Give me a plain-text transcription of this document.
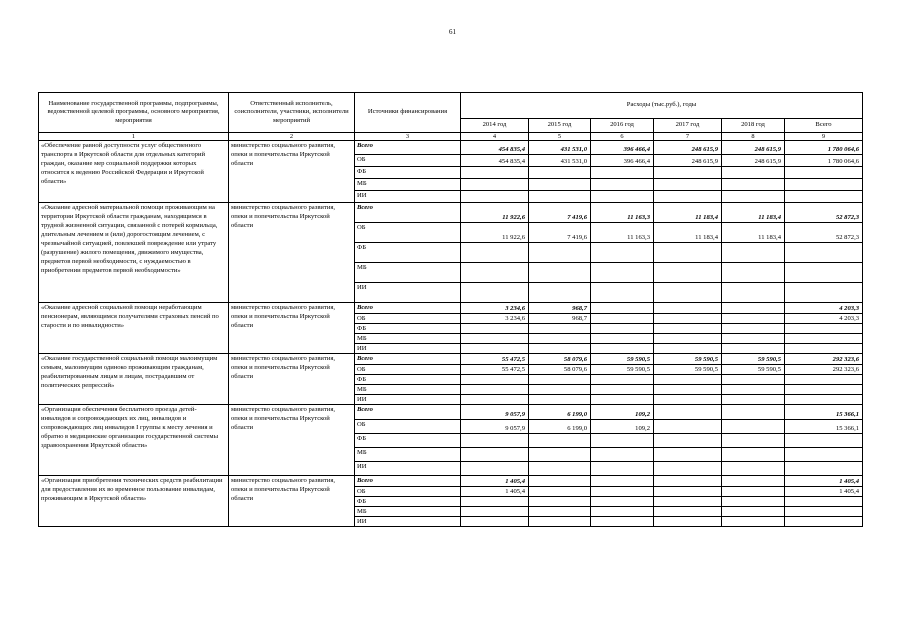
61
Наименование государственной программы, подпрограммы, ведомственной целевой программы, основного мероприятия, мероприятия	Ответственный исполнитель, соисполнители, участники, исполнители мероприятий	Источники финансирования	Расходы (тыс.руб.), годы					
			2014 год	2015 год	2016 год	2017 год	2018 год	Всего
1	2	3	4	5	6	7	8	9
«Обеспечение равной доступности услуг общественного транспорта в Иркутской области для отдельных категорий граждан, оказание мер социальной поддержки которых относится к ведению Российской Федерации и Иркутской области»	министерство социального развития, опеки и попечительства Иркутской области	Всего	454 835,4	431 531,0	396 466,4	248 615,9	248 615,9	1 780 064,6
		ОБ	454 835,4	431 531,0	396 466,4	248 615,9	248 615,9	1 780 064,6
		ФБ						
		МБ						
		ИИ						
«Оказание адресной материальной помощи проживающим на территории Иркутской области гражданам, находящимся в трудной жизненной ситуации, связанной с потерей кормильца, длительным лечением и (или) дорогостоящим лечением, с чрезвычайной ситуацией, повлекшей повреждение или утрату (разрушение) жилого помещения, движимого имущества, предметов первой необходимости, с нуждаемостью в приобретении предметов первой необходимости»	министерство социального развития, опеки и попечительства Иркутской области	Всего	11 922,6	7 419,6	11 163,3	11 183,4	11 183,4	52 872,3
		ОБ	11 922,6	7 419,6	11 163,3	11 183,4	11 183,4	52 872,3
		ФБ						
		МБ						
		ИИ						
«Оказание адресной социальной помощи неработающим пенсионерам, являющимся получателями страховых пенсий по старости и по инвалидности»	министерство социального развития, опеки и попечительства Иркутской области	Всего	3 234,6	968,7				4 203,3
		ОБ	3 234,6	968,7				4 203,3
		ФБ						
		МБ						
		ИИ						
«Оказание государственной социальной помощи малоимущим семьям, малоимущим одиноко проживающим гражданам, реабилитированным лицам и лицам, пострадавшим от политических репрессий»	министерство социального развития, опеки и попечительства Иркутской области	Всего	55 472,5	58 079,6	59 590,5	59 590,5	59 590,5	292 323,6
		ОБ	55 472,5	58 079,6	59 590,5	59 590,5	59 590,5	292 323,6
		ФБ						
		МБ						
		ИИ						
«Организация обеспечения бесплатного проезда детей-инвалидов и сопровождающих их лиц, инвалидов и сопровождающих лиц инвалидов I группы к месту лечения и обратно в медицинские организации государственной системы здравоохранения Иркутской области»	министерство социального развития, опеки и попечительства Иркутской области	Всего	9 057,9	6 199,0	109,2			15 366,1
		ОБ	9 057,9	6 199,0	109,2			15 366,1
		ФБ						
		МБ						
		ИИ						
«Организация приобретения технических средств реабилитации для предоставления их во временное пользование инвалидам, проживающим в Иркутской области»	министерство социального развития, опеки и попечительства Иркутской области	Всего	1 405,4					1 405,4
		ОБ	1 405,4					1 405,4
		ФБ						
		МБ						
		ИИ						
